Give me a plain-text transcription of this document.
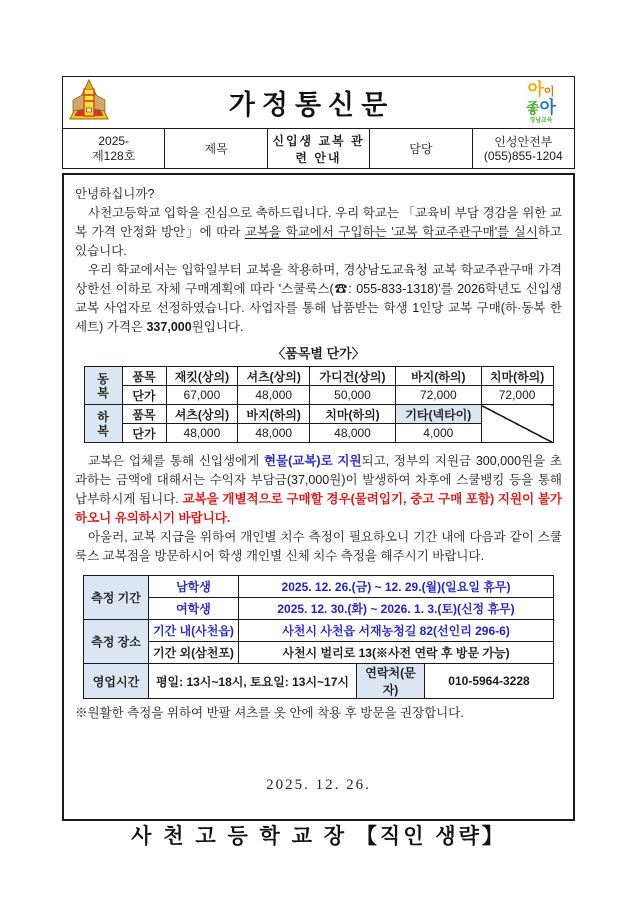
가정통신문
아이
좋아
경남교육

2025-
제128호	제목	신입생 교복 관련 안내	담당	인성안전부
(055)855-1204

안녕하십니까?

사천고등학교 입학을 진심으로 축하드립니다. 우리 학교는 「교육비 부담 경감을 위한 교복 가격 안정화 방안」에 따라 교복을 학교에서 구입하는 '교복 학교주관구매'를 실시하고 있습니다.

우리 학교에서는 입학일부터 교복을 착용하며, 경상남도교육청 교복 학교주관구매 가격 상한선 이하로 자체 구매계획에 따라 '스쿨룩스(☎: 055-833-1318)'를 2026학년도 신입생 교복 사업자로 선정하였습니다. 사업자를 통해 납품받는 학생 1인당 교복 구매(하·동복 한 세트) 가격은 337,000원입니다.

〈품목별 단가〉
동복	품목	재킷(상의)	셔츠(상의)	가디건(상의)	바지(하의)	치마(하의)
	단가	67,000	48,000	50,000	72,000	72,000
하복	품목	셔츠(상의)	바지(하의)	치마(하의)	기타(넥타이)	
	단가	48,000	48,000	48,000	4,000	

교복은 업체를 통해 신입생에게 현물(교복)로 지원되고, 정부의 지원금 300,000원을 초과하는 금액에 대해서는 수익자 부담금(37,000원)이 발생하여 차후에 스쿨뱅킹 등을 통해 납부하시게 됩니다. 교복을 개별적으로 구매할 경우(물려입기, 중고 구매 포함) 지원이 불가하오니 유의하시기 바랍니다.

아울러, 교복 지급을 위하여 개인별 치수 측정이 필요하오니 기간 내에 다음과 같이 스쿨룩스 교복점을 방문하시어 학생 개인별 신체 치수 측정을 해주시기 바랍니다.

측정 기간	남학생	2025. 12. 26.(금) ~ 12. 29.(월)(일요일 휴무)		
	여학생	2025. 12. 30.(화) ~ 2026. 1. 3.(토)(신정 휴무)		
측정 장소	기간 내(사천읍)	사천시 사천읍 서재농청길 82(선인리 296-6)		
	기간 외(삼천포)	사천시 벌리로 13(※사전 연락 후 방문 가능)		
영업시간	평일: 13시~18시, 토요일: 13시~17시		연락처(문자)	010-5964-3228

※원활한 측정을 위하여 반팔 셔츠를 옷 안에 착용 후 방문을 권장합니다.

2025. 12. 26.
사 천 고 등 학 교 장 【직인 생략】
